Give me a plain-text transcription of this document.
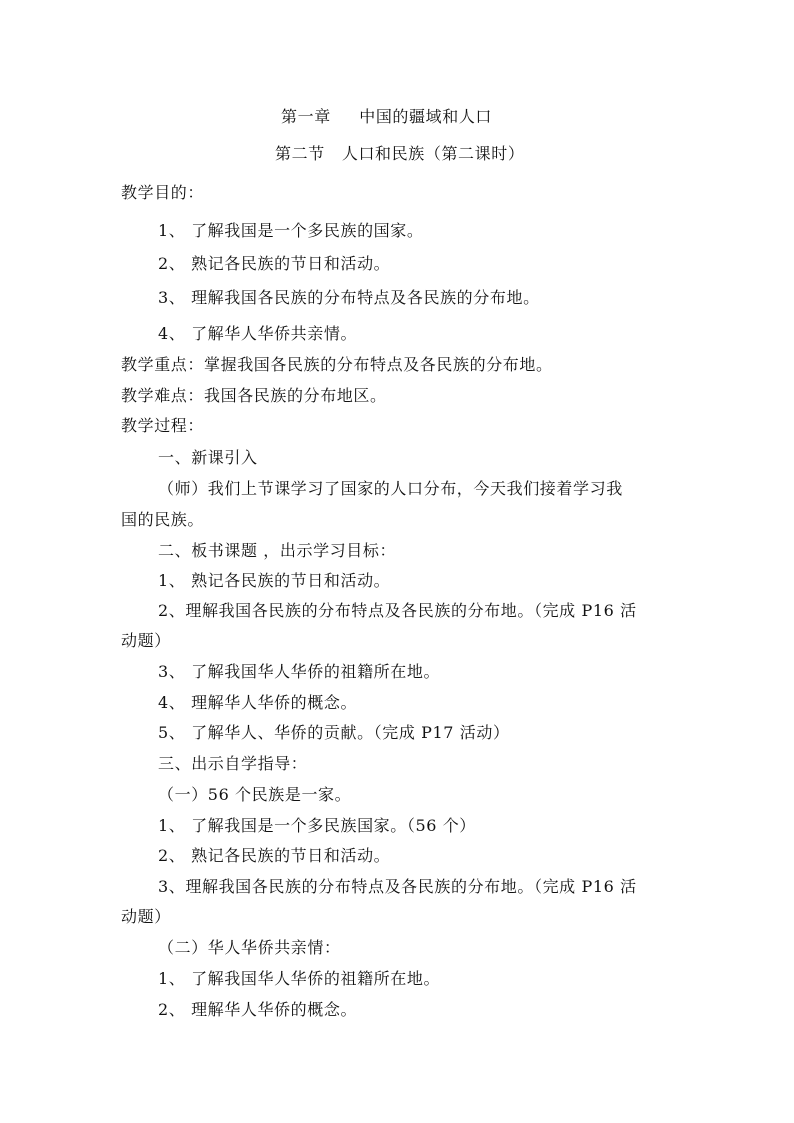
第一章     中国的疆域和人口
第二节   人口和民族（第二课时）
教学目的：
1、 了解我国是一个多民族的国家。
2、 熟记各民族的节日和活动。
3、 理解我国各民族的分布特点及各民族的分布地。
4、 了解华人华侨共亲情。
教学重点：掌握我国各民族的分布特点及各民族的分布地。
教学难点：我国各民族的分布地区。
教学过程：
一、新课引入
（师）我们上节课学习了国家的人口分布，今天我们接着学习我
国的民族。
二、板书课题 ，出示学习目标：
1、 熟记各民族的节日和活动。
2、理解我国各民族的分布特点及各民族的分布地。（完成 P16 活
动题）
3、 了解我国华人华侨的祖籍所在地。
4、 理解华人华侨的概念。
5、 了解华人、华侨的贡献。（完成 P17 活动）
三、出示自学指导：
（一）56 个民族是一家。
1、 了解我国是一个多民族国家。（56 个）
2、 熟记各民族的节日和活动。
3、理解我国各民族的分布特点及各民族的分布地。（完成 P16 活
动题）
（二）华人华侨共亲情：
1、 了解我国华人华侨的祖籍所在地。
2、 理解华人华侨的概念。
